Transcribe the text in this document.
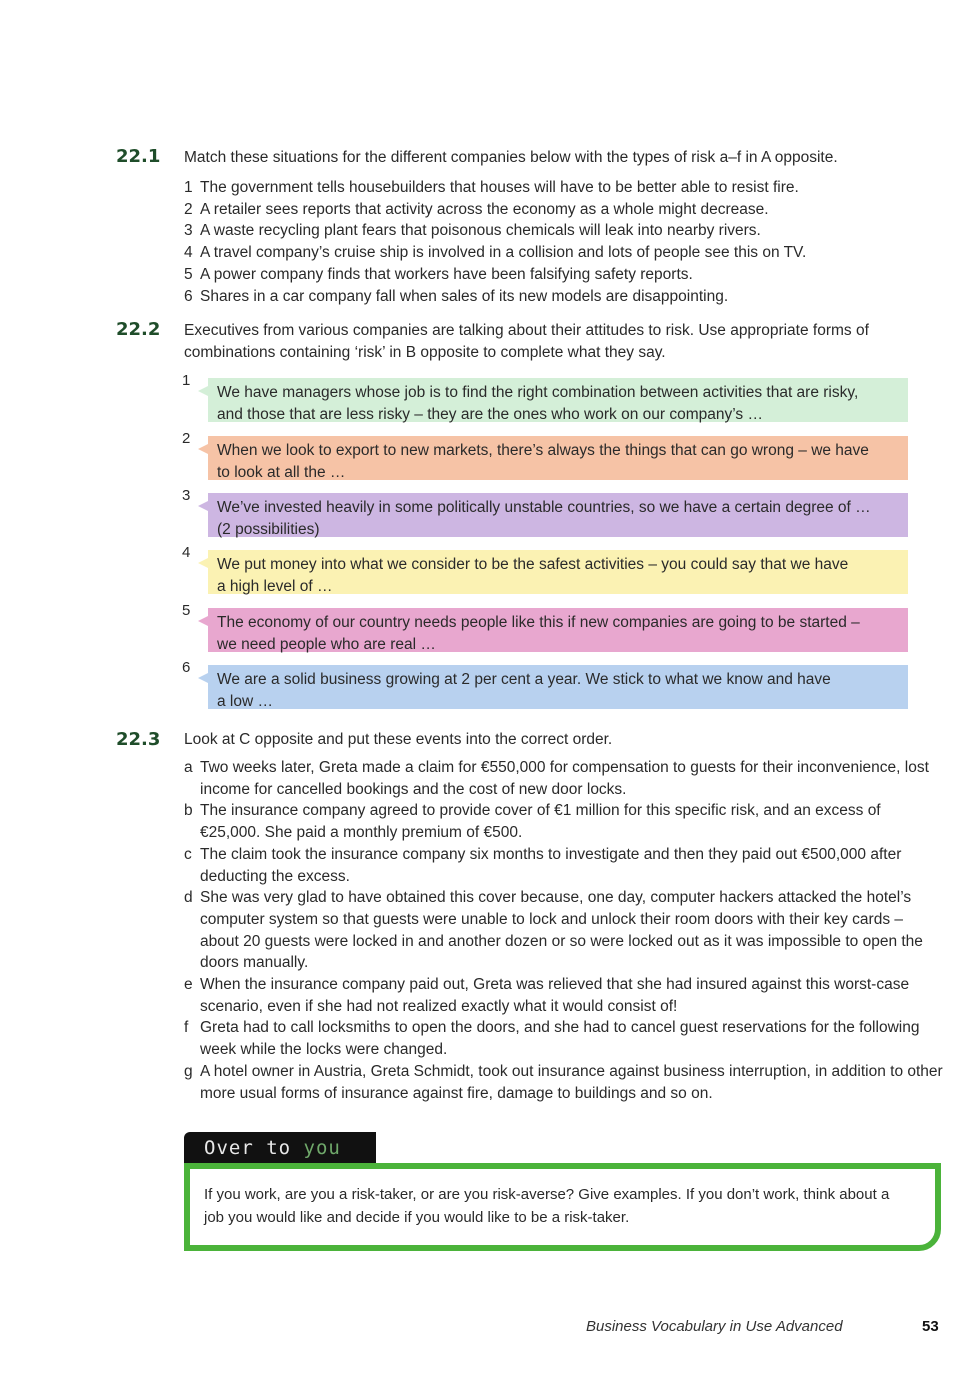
22.1 Match these situations for the different companies below with the types of risk a–f in A opposite.
1 The government tells housebuilders that houses will have to be better able to resist fire.
2 A retailer sees reports that activity across the economy as a whole might decrease.
3 A waste recycling plant fears that poisonous chemicals will leak into nearby rivers.
4 A travel company’s cruise ship is involved in a collision and lots of people see this on TV.
5 A power company finds that workers have been falsifying safety reports.
6 Shares in a car company fall when sales of its new models are disappointing.
22.2 Executives from various companies are talking about their attitudes to risk. Use appropriate forms of combinations containing ‘risk’ in B opposite to complete what they say.
1
We have managers whose job is to find the right combination between activities that are risky,
and those that are less risky – they are the ones who work on our company’s …
2
When we look to export to new markets, there’s always the things that can go wrong – we have
to look at all the …
3
We’ve invested heavily in some politically unstable countries, so we have a certain degree of …
(2 possibilities)
4
We put money into what we consider to be the safest activities – you could say that we have
a high level of …
5
The economy of our country needs people like this if new companies are going to be started –
we need people who are real …
6
We are a solid business growing at 2 per cent a year. We stick to what we know and have
a low …
22.3 Look at C opposite and put these events into the correct order.
a Two weeks later, Greta made a claim for €550,000 for compensation to guests for their inconvenience, lost income for cancelled bookings and the cost of new door locks.
b The insurance company agreed to provide cover of €1 million for this specific risk, and an excess of €25,000. She paid a monthly premium of €500.
c The claim took the insurance company six months to investigate and then they paid out €500,000 after deducting the excess.
d She was very glad to have obtained this cover because, one day, computer hackers attacked the hotel’s computer system so that guests were unable to lock and unlock their room doors with their key cards – about 20 guests were locked in and another dozen or so were locked out as it was impossible to open the doors manually.
e When the insurance company paid out, Greta was relieved that she had insured against this worst-case scenario, even if she had not realized exactly what it would consist of!
f Greta had to call locksmiths to open the doors, and she had to cancel guest reservations for the following week while the locks were changed.
g A hotel owner in Austria, Greta Schmidt, took out insurance against business interruption, in addition to other more usual forms of insurance against fire, damage to buildings and so on.
Over to you
If you work, are you a risk-taker, or are you risk-averse? Give examples. If you don’t work, think about a job you would like and decide if you would like to be a risk-taker.
Business Vocabulary in Use Advanced	53
